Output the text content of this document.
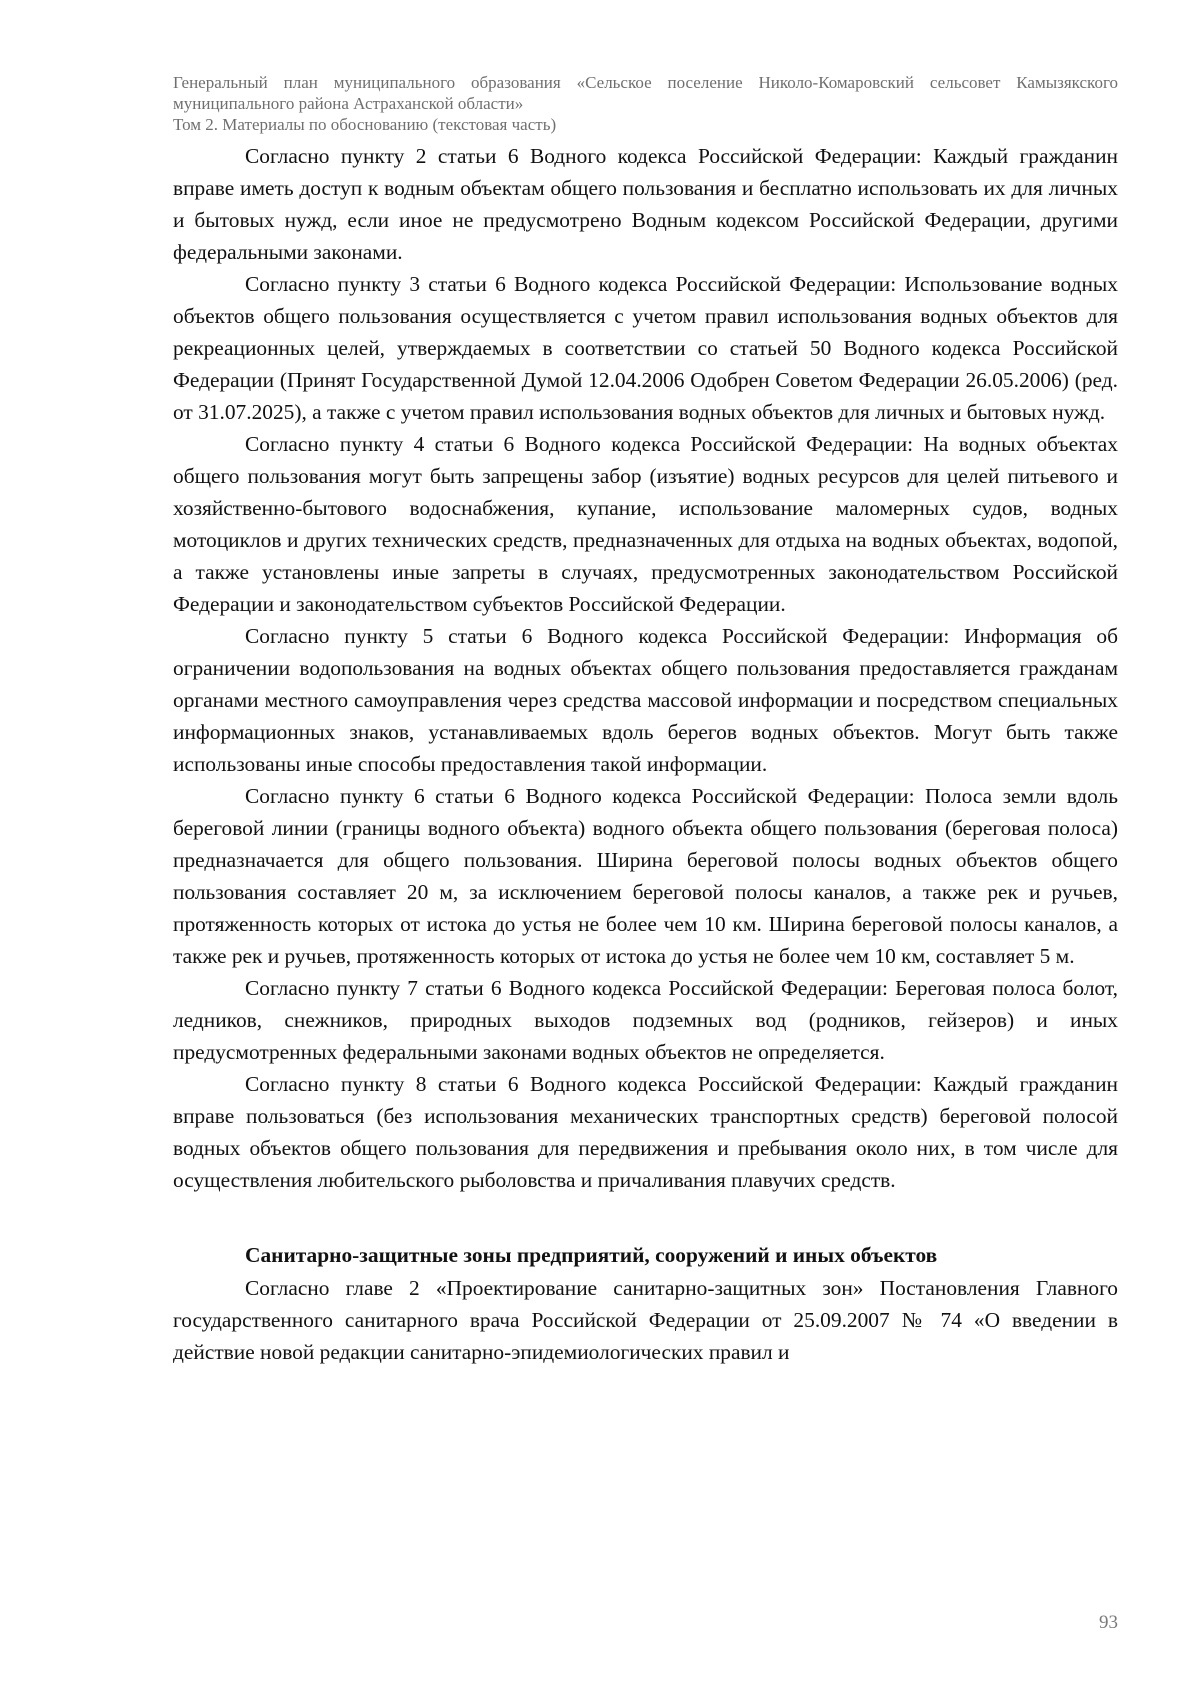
Генеральный план муниципального образования «Сельское поселение Николо-Комаровский сельсовет Камызякского муниципального района Астраханской области»

Том 2. Материалы по обоснованию (текстовая часть)

Согласно пункту 2 статьи 6 Водного кодекса Российской Федерации: Каждый гражданин вправе иметь доступ к водным объектам общего пользования и бесплатно использовать их для личных и бытовых нужд, если иное не предусмотрено Водным кодексом Российской Федерации, другими федеральными законами.

Согласно пункту 3 статьи 6 Водного кодекса Российской Федерации: Использование водных объектов общего пользования осуществляется с учетом правил использования водных объектов для рекреационных целей, утверждаемых в соответствии со статьей 50 Водного кодекса Российской Федерации (Принят Государственной Думой 12.04.2006 Одобрен Советом Федерации 26.05.2006) (ред. от 31.07.2025), а также с учетом правил использования водных объектов для личных и бытовых нужд.

Согласно пункту 4 статьи 6 Водного кодекса Российской Федерации: На водных объектах общего пользования могут быть запрещены забор (изъятие) водных ресурсов для целей питьевого и хозяйственно-бытового водоснабжения, купание, использование маломерных судов, водных мотоциклов и других технических средств, предназначенных для отдыха на водных объектах, водопой, а также установлены иные запреты в случаях, предусмотренных законодательством Российской Федерации и законодательством субъектов Российской Федерации.

Согласно пункту 5 статьи 6 Водного кодекса Российской Федерации: Информация об ограничении водопользования на водных объектах общего пользования предоставляется гражданам органами местного самоуправления через средства массовой информации и посредством специальных информационных знаков, устанавливаемых вдоль берегов водных объектов. Могут быть также использованы иные способы предоставления такой информации.

Согласно пункту 6 статьи 6 Водного кодекса Российской Федерации: Полоса земли вдоль береговой линии (границы водного объекта) водного объекта общего пользования (береговая полоса) предназначается для общего пользования. Ширина береговой полосы водных объектов общего пользования составляет 20 м, за исключением береговой полосы каналов, а также рек и ручьев, протяженность которых от истока до устья не более чем 10 км. Ширина береговой полосы каналов, а также рек и ручьев, протяженность которых от истока до устья не более чем 10 км, составляет 5 м.

Согласно пункту 7 статьи 6 Водного кодекса Российской Федерации: Береговая полоса болот, ледников, снежников, природных выходов подземных вод (родников, гейзеров) и иных предусмотренных федеральными законами водных объектов не определяется.

Согласно пункту 8 статьи 6 Водного кодекса Российской Федерации: Каждый гражданин вправе пользоваться (без использования механических транспортных средств) береговой полосой водных объектов общего пользования для передвижения и пребывания около них, в том числе для осуществления любительского рыболовства и причаливания плавучих средств.

Санитарно-защитные зоны предприятий, сооружений и иных объектов

Согласно главе 2 «Проектирование санитарно-защитных зон» Постановления Главного государственного санитарного врача Российской Федерации от 25.09.2007 № 74 «О введении в действие новой редакции санитарно-эпидемиологических правил и

93
